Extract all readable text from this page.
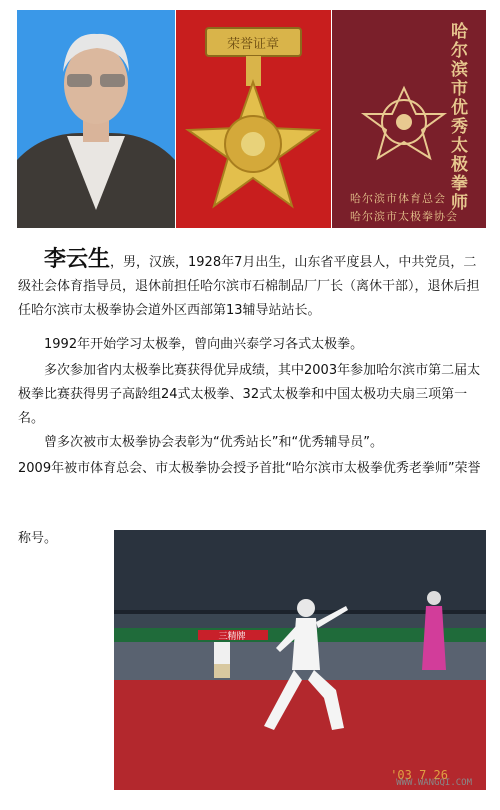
荣誉证章	哈尔滨市优秀太极拳师
哈尔滨市体育总会
哈尔滨市太极拳协会

李云生，男，汉族，1928年7月出生，山东省平度县人，中共党员，二级社会体育指导员，退休前担任哈尔滨市石棉制品厂厂长（离休干部），退休后担任哈尔滨市太极拳协会道外区西部第13辅导站站长。

1992年开始学习太极拳，曾向曲兴泰学习各式太极拳。

多次参加省内太极拳比赛获得优异成绩，其中2003年参加哈尔滨市第二届太极拳比赛获得男子高龄组24式太极拳、32式太极拳和中国太极功夫扇三项第一名。

曾多次被市太极拳协会表彰为“优秀站长”和“优秀辅导员”。

2009年被市体育总会、市太极拳协会授予首批“哈尔滨市太极拳优秀老拳师”荣誉

称号。
三精牌
'03 7 26
WWW.WANGQI.COM
